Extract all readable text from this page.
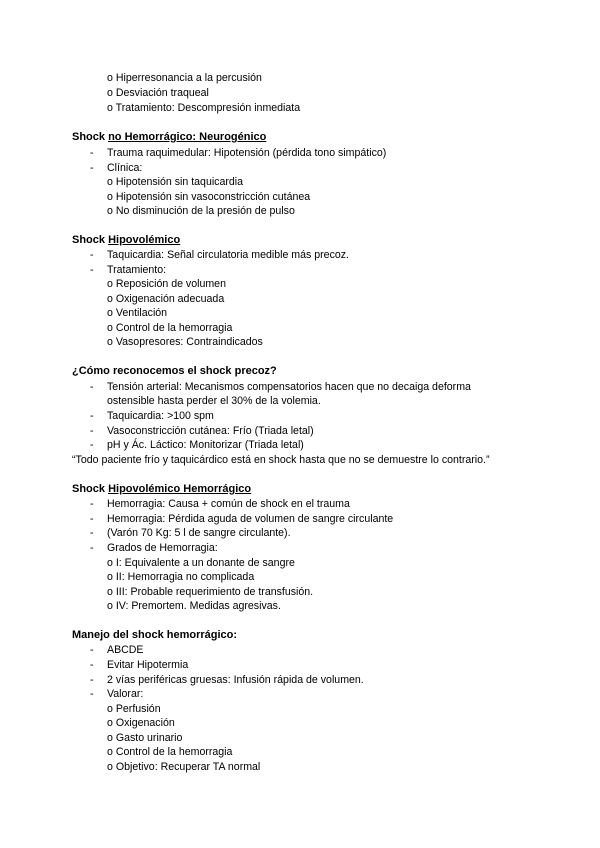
o Hiperresonancia a la percusión
o Desviación traqueal
o Tratamiento: Descompresión inmediata
Shock no Hemorrágico: Neurogénico
- Trauma raquimedular: Hipotensión (pérdida tono simpático)
- Clínica:
o Hipotensión sin taquicardia
o Hipotensión sin vasoconstricción cutánea
o No disminución de la presión de pulso
Shock Hipovolémico
- Taquicardia: Señal circulatoria medible más precoz.
- Tratamiento:
o Reposición de volumen
o Oxigenación adecuada
o Ventilación
o Control de la hemorragia
o Vasopresores: Contraindicados
¿Cómo reconocemos el shock precoz?
- Tensión arterial: Mecanismos compensatorios hacen que no decaiga deforma
ostensible hasta perder el 30% de la volemia.
- Taquicardia: >100 spm
- Vasoconstricción cutánea: Frío (Triada letal)
- pH y Ác. Láctico: Monitorizar (Triada letal)
“Todo paciente frío y taquicárdico está en shock hasta que no se demuestre lo contrario.”
Shock Hipovolémico Hemorrágico
- Hemorragia: Causa + común de shock en el trauma
- Hemorragia: Pérdida aguda de volumen de sangre circulante
- (Varón 70 Kg: 5 l de sangre circulante).
- Grados de Hemorragia:
o I: Equivalente a un donante de sangre
o II: Hemorragia no complicada
o III: Probable requerimiento de transfusión.
o IV: Premortem. Medidas agresivas.
Manejo del shock hemorrágico:
- ABCDE
- Evitar Hipotermia
- 2 vías periféricas gruesas: Infusión rápida de volumen.
- Valorar:
o Perfusión
o Oxigenación
o Gasto urinario
o Control de la hemorragia
o Objetivo: Recuperar TA normal
